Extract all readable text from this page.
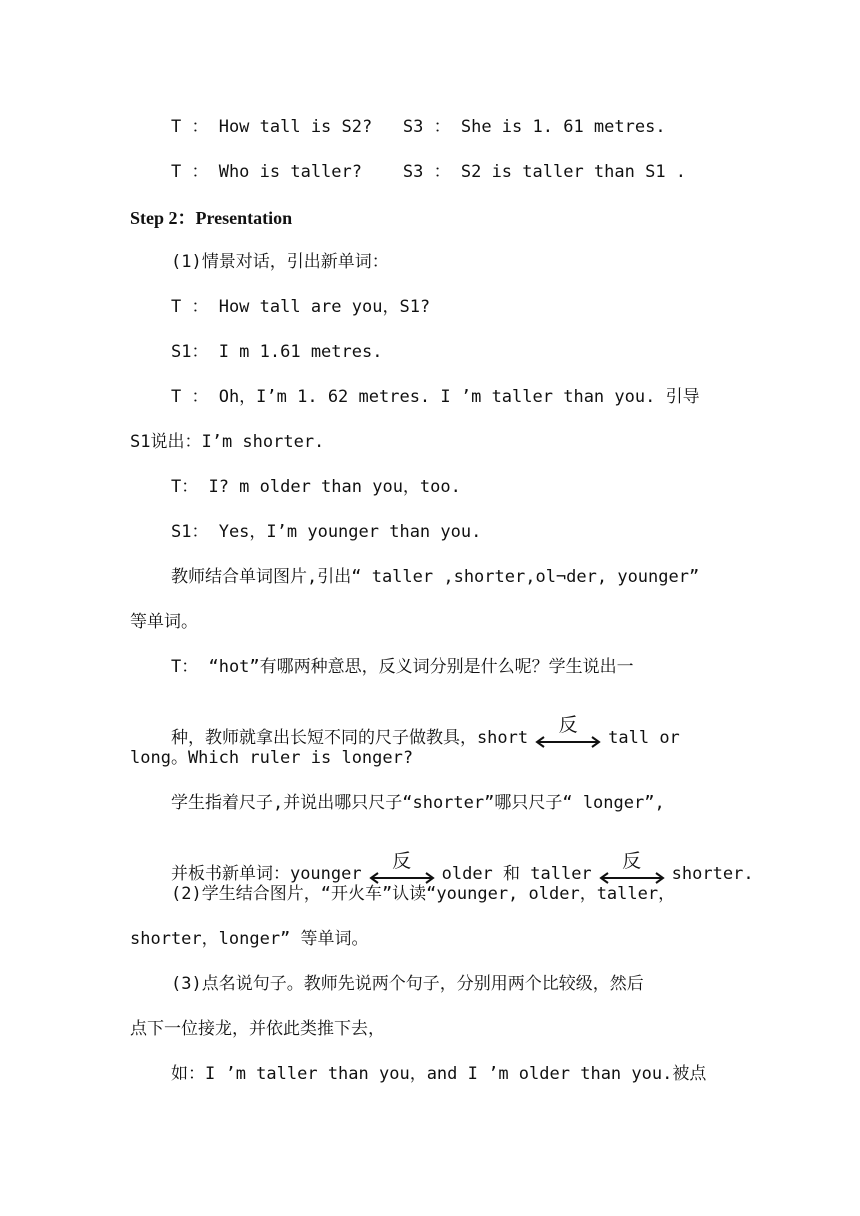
T ： How tall is S2?   S3 ： She is 1. 61 metres.
T ： Who is taller?    S3 ： S2 is taller than S1 .
Step 2：Presentation
(1)情景对话，引出新单词：
T ： How tall are you，S1?
S1： I m 1.61 metres.
T ： Oh，I’m 1. 62 metres. I ’m taller than you. 引导
S1说出：I’m shorter.
T： I? m older than you，too.
S1： Yes，I’m younger than you.
教师结合单词图片,引出“ taller ,shorter,ol¬der, younger”
等单词。
T： “hot”有哪两种意思，反义词分别是什么呢？学生说出一

种，教师就拿出长短不同的尺子做教具，short
反
tall or

long。Which ruler is longer?
学生指着尺子,并说出哪只尺子“shorter”哪只尺子“ longer”,

并板书新单词：younger
反
older 和 taller
反
shorter.

(2)学生结合图片，“开火车”认读“younger, older，taller，
shorter，longer” 等单词。
(3)点名说句子。教师先说两个句子，分别用两个比较级，然后
点下一位接龙，并依此类推下去，
如：I ’m taller than you，and I ’m older than you.被点
